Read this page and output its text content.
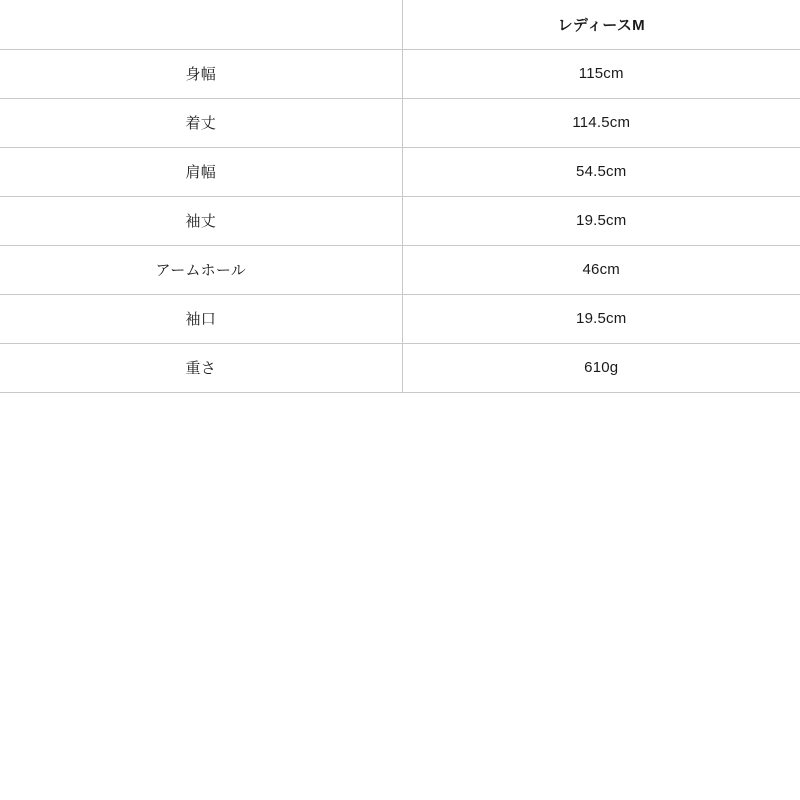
	レディースM
身幅	115cm
着丈	114.5cm
肩幅	54.5cm
袖丈	19.5cm
アームホール	46cm
袖口	19.5cm
重さ	610g
